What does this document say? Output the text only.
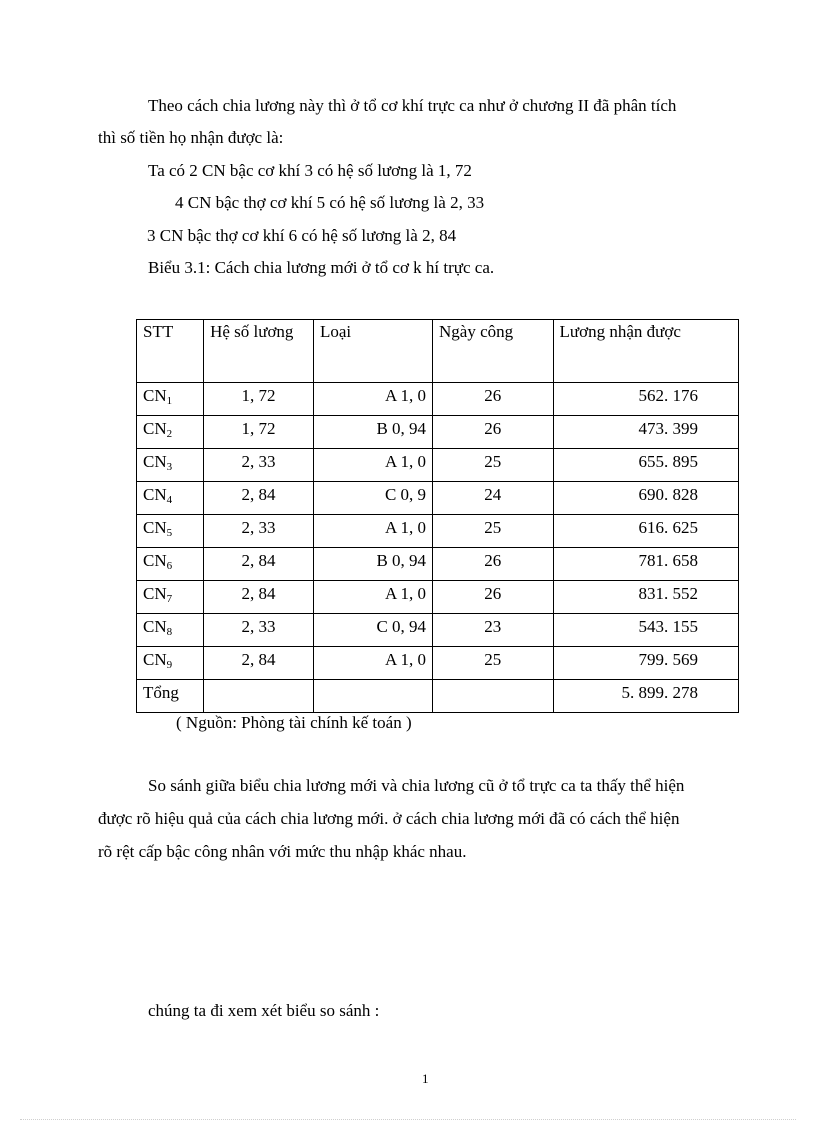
Theo cách chia lương này thì ở tổ cơ khí trực ca như ở chương II đã phân tích
thì số tiền họ nhận được là:
Ta có 2 CN bậc cơ khí 3 có hệ số lương là 1, 72
4 CN bậc thợ cơ khí 5 có hệ số lương là 2, 33
3 CN bậc thợ cơ khí 6 có hệ số lương là 2, 84
Biểu 3.1: Cách chia lương mới ở tổ cơ k hí trực ca.
STT	Hệ số lương	Loại	Ngày công	Lương nhận được
$CN_1$	1, 72	A 1, 0	26	562. 176
$CN_2$	1, 72	B 0, 94	26	473. 399
$CN_3$	2, 33	A 1, 0	25	655. 895
$CN_4$	2, 84	C 0, 9	24	690. 828
$CN_5$	2, 33	A 1, 0	25	616. 625
$CN_6$	2, 84	B 0, 94	26	781. 658
$CN_7$	2, 84	A 1, 0	26	831. 552
$CN_8$	2, 33	C 0, 94	23	543. 155
$CN_9$	2, 84	A 1, 0	25	799. 569
Tổng				5. 899. 278
( Nguồn: Phòng tài chính kế toán )
So sánh giữa biểu chia lương mới và chia lương cũ ở tổ trực ca ta thấy thể hiện
được rõ hiệu quả của cách chia lương mới. ở cách chia lương mới đã có cách thể hiện
rõ rệt cấp bậc công nhân với mức thu nhập khác nhau.
chúng ta đi xem xét biểu so sánh :
1
